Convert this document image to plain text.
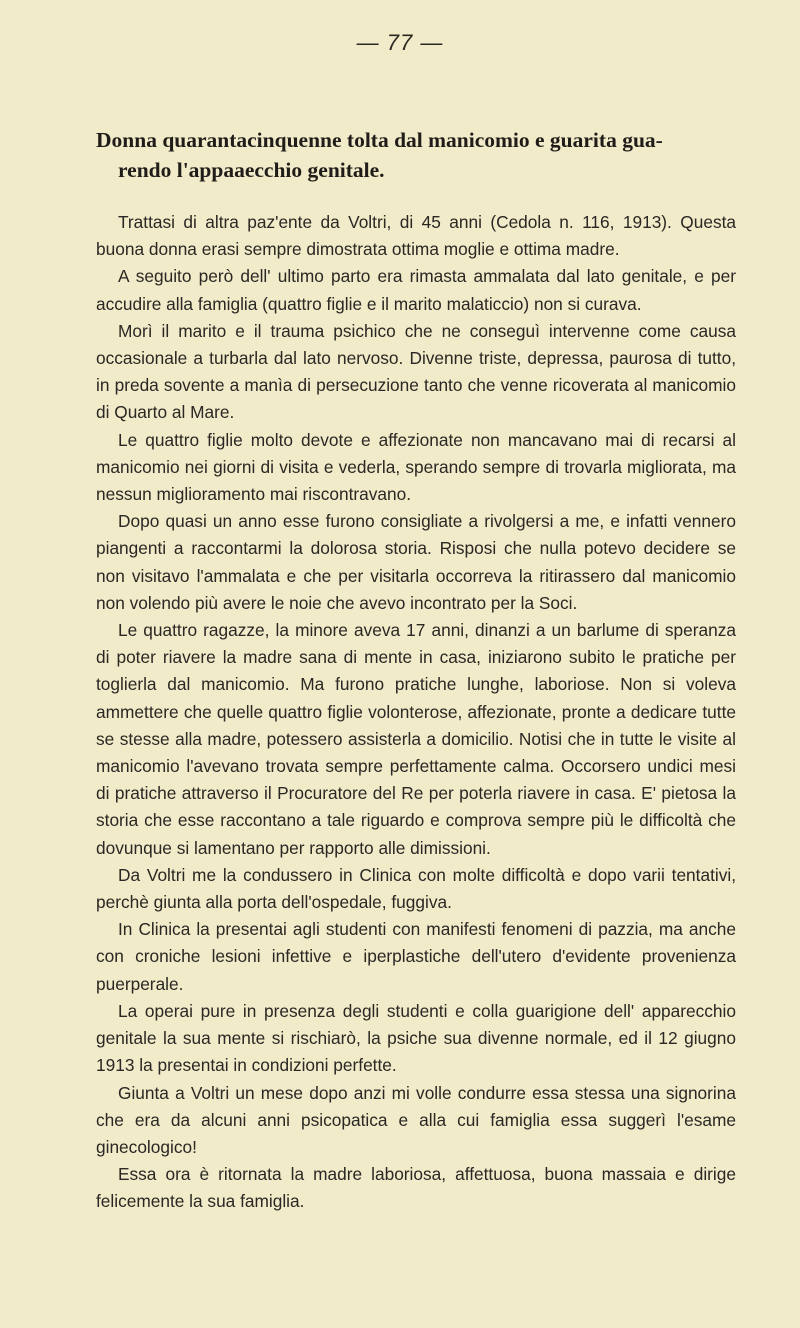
— 77 —
Donna quarantacinquenne tolta dal manicomio e guarita gua-
rendo l'appaaecchio genitale.

Trattasi di altra paz'ente da Voltri, di 45 anni (Cedola n. 116, 1913). Questa buona donna erasi sempre dimostrata ottima moglie e ottima madre.

A seguito però dell' ultimo parto era rimasta ammalata dal lato genitale, e per accudire alla famiglia (quattro figlie e il marito malaticcio) non si curava.

Morì il marito e il trauma psichico che ne conseguì intervenne come causa occasionale a turbarla dal lato nervoso. Divenne triste, depressa, paurosa di tutto, in preda sovente a manìa di persecuzione tanto che venne ricoverata al manicomio di Quarto al Mare.

Le quattro figlie molto devote e affezionate non mancavano mai di recarsi al manicomio nei giorni di visita e vederla, sperando sempre di trovarla migliorata, ma nessun miglioramento mai riscontravano.

Dopo quasi un anno esse furono consigliate a rivolgersi a me, e infatti vennero piangenti a raccontarmi la dolorosa storia. Risposi che nulla potevo decidere se non visitavo l'ammalata e che per visitarla occorreva la ritirassero dal manicomio non volendo più avere le noie che avevo incontrato per la Soci.

Le quattro ragazze, la minore aveva 17 anni, dinanzi a un barlume di speranza di poter riavere la madre sana di mente in casa, iniziarono subito le pratiche per toglierla dal manicomio. Ma furono pratiche lunghe, laboriose. Non si voleva ammettere che quelle quattro figlie volonterose, affezionate, pronte a dedicare tutte se stesse alla madre, potessero assisterla a domicilio. Notisi che in tutte le visite al manicomio l'avevano trovata sempre perfettamente calma. Occorsero undici mesi di pratiche attraverso il Procuratore del Re per poterla riavere in casa. E' pietosa la storia che esse raccontano a tale riguardo e comprova sempre più le difficoltà che dovunque si lamentano per rapporto alle dimissioni.

Da Voltri me la condussero in Clinica con molte difficoltà e dopo varii tentativi, perchè giunta alla porta dell'ospedale, fuggiva.

In Clinica la presentai agli studenti con manifesti fenomeni di pazzia, ma anche con croniche lesioni infettive e iperplastiche dell'utero d'evidente provenienza puerperale.

La operai pure in presenza degli studenti e colla guarigione dell' apparecchio genitale la sua mente si rischiarò, la psiche sua divenne normale, ed il 12 giugno 1913 la presentai in condizioni perfette.

Giunta a Voltri un mese dopo anzi mi volle condurre essa stessa una signorina che era da alcuni anni psicopatica e alla cui famiglia essa suggerì l'esame ginecologico!

Essa ora è ritornata la madre laboriosa, affettuosa, buona massaia e dirige felicemente la sua famiglia.
